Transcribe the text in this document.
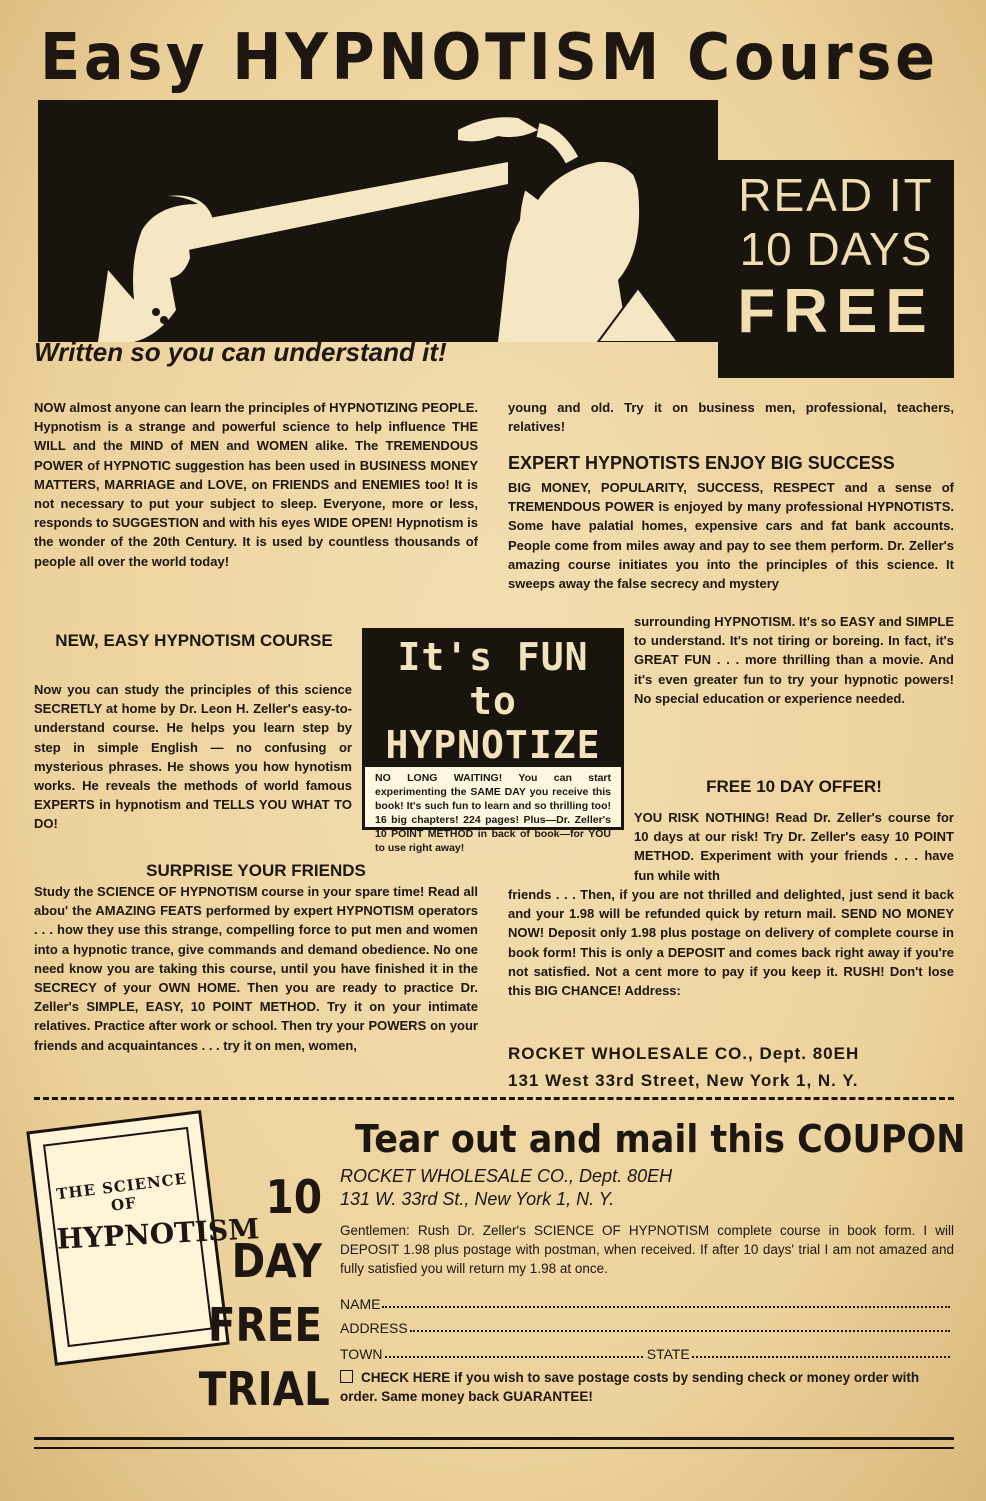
Easy HYPNOTISM Course
READ IT
10 DAYS
FREE
Written so you can understand it!
NOW almost anyone can learn the principles of HYPNOTIZING PEOPLE. Hypnotism is a strange and powerful science to help influence THE WILL and the MIND of MEN and WOMEN alike. The TREMENDOUS POWER of HYPNOTIC suggestion has been used in BUSINESS MONEY MATTERS, MARRIAGE and LOVE, on FRIENDS and ENEMIES too! It is not necessary to put your subject to sleep. Everyone, more or less, responds to SUGGESTION and with his eyes WIDE OPEN! Hypnotism is the wonder of the 20th Century. It is used by countless thousands of people all over the world today!
NEW, EASY HYPNOTISM COURSE
Now you can study the principles of this science SECRETLY at home by Dr. Leon H. Zeller's easy-to-understand course. He helps you learn step by step in simple English — no confusing or mysterious phrases. He shows you how hynotism works. He reveals the methods of world famous EXPERTS in hypnotism and TELLS YOU WHAT TO DO!
SURPRISE YOUR FRIENDS
Study the SCIENCE OF HYPNOTISM course in your spare time! Read all abou' the AMAZING FEATS performed by expert HYPNOTISM operators . . . how they use this strange, compelling force to put men and women into a hypnotic trance, give commands and demand obedience. No one need know you are taking this course, until you have finished it in the SECRECY of your OWN HOME. Then you are ready to practice Dr. Zeller's SIMPLE, EASY, 10 POINT METHOD. Try it on your intimate relatives. Practice after work or school. Then try your POWERS on your friends and acquaintances . . . try it on men, women,
It's FUN to
HYPNOTIZE
NO LONG WAITING! You can start experimenting the SAME DAY you receive this book! It's such fun to learn and so thrilling too! 16 big chapters! 224 pages! Plus—Dr. Zeller's 10 POINT METHOD in back of book—for YOU to use right away!
young and old. Try it on business men, professional, teachers, relatives!
EXPERT HYPNOTISTS ENJOY BIG SUCCESS
BIG MONEY, POPULARITY, SUCCESS, RESPECT and a sense of TREMENDOUS POWER is enjoyed by many professional HYPNOTISTS. Some have palatial homes, expensive cars and fat bank accounts. People come from miles away and pay to see them perform. Dr. Zeller's amazing course initiates you into the principles of this science. It sweeps away the false secrecy and mystery
surrounding HYPNOTISM. It's so EASY and SIMPLE to understand. It's not tiring or boreing. In fact, it's GREAT FUN . . . more thrilling than a movie. And it's even greater fun to try your hypnotic powers! No special education or experience needed.
FREE 10 DAY OFFER!
YOU RISK NOTHING! Read Dr. Zeller's course for 10 days at our risk! Try Dr. Zeller's easy 10 POINT METHOD. Experiment with your friends . . . have fun while with
friends . . . Then, if you are not thrilled and delighted, just send it back and your 1.98 will be refunded quick by return mail. SEND NO MONEY NOW! Deposit only 1.98 plus postage on delivery of complete course in book form! This is only a DEPOSIT and comes back right away if you're not satisfied. Not a cent more to pay if you keep it. RUSH! Don't lose this BIG CHANCE! Address:
ROCKET WHOLESALE CO., Dept. 80EH
131 West 33rd Street, New York 1, N. Y.
Tear out and mail this COUPON
THE SCIENCE OF
HYPNOTISM
10
DAY
FREE
TRIAL
ROCKET WHOLESALE CO., Dept. 80EH
131 W. 33rd St., New York 1, N. Y.
Gentlemen: Rush Dr. Zeller's SCIENCE OF HYPNOTISM complete course in book form. I will DEPOSIT 1.98 plus postage with postman, when received. If after 10 days' trial I am not amazed and fully satisfied you will return my 1.98 at once.
NAME
ADDRESS
TOWN	STATE
CHECK HERE if you wish to save postage costs by sending check or money order with order. Same money back GUARANTEE!
